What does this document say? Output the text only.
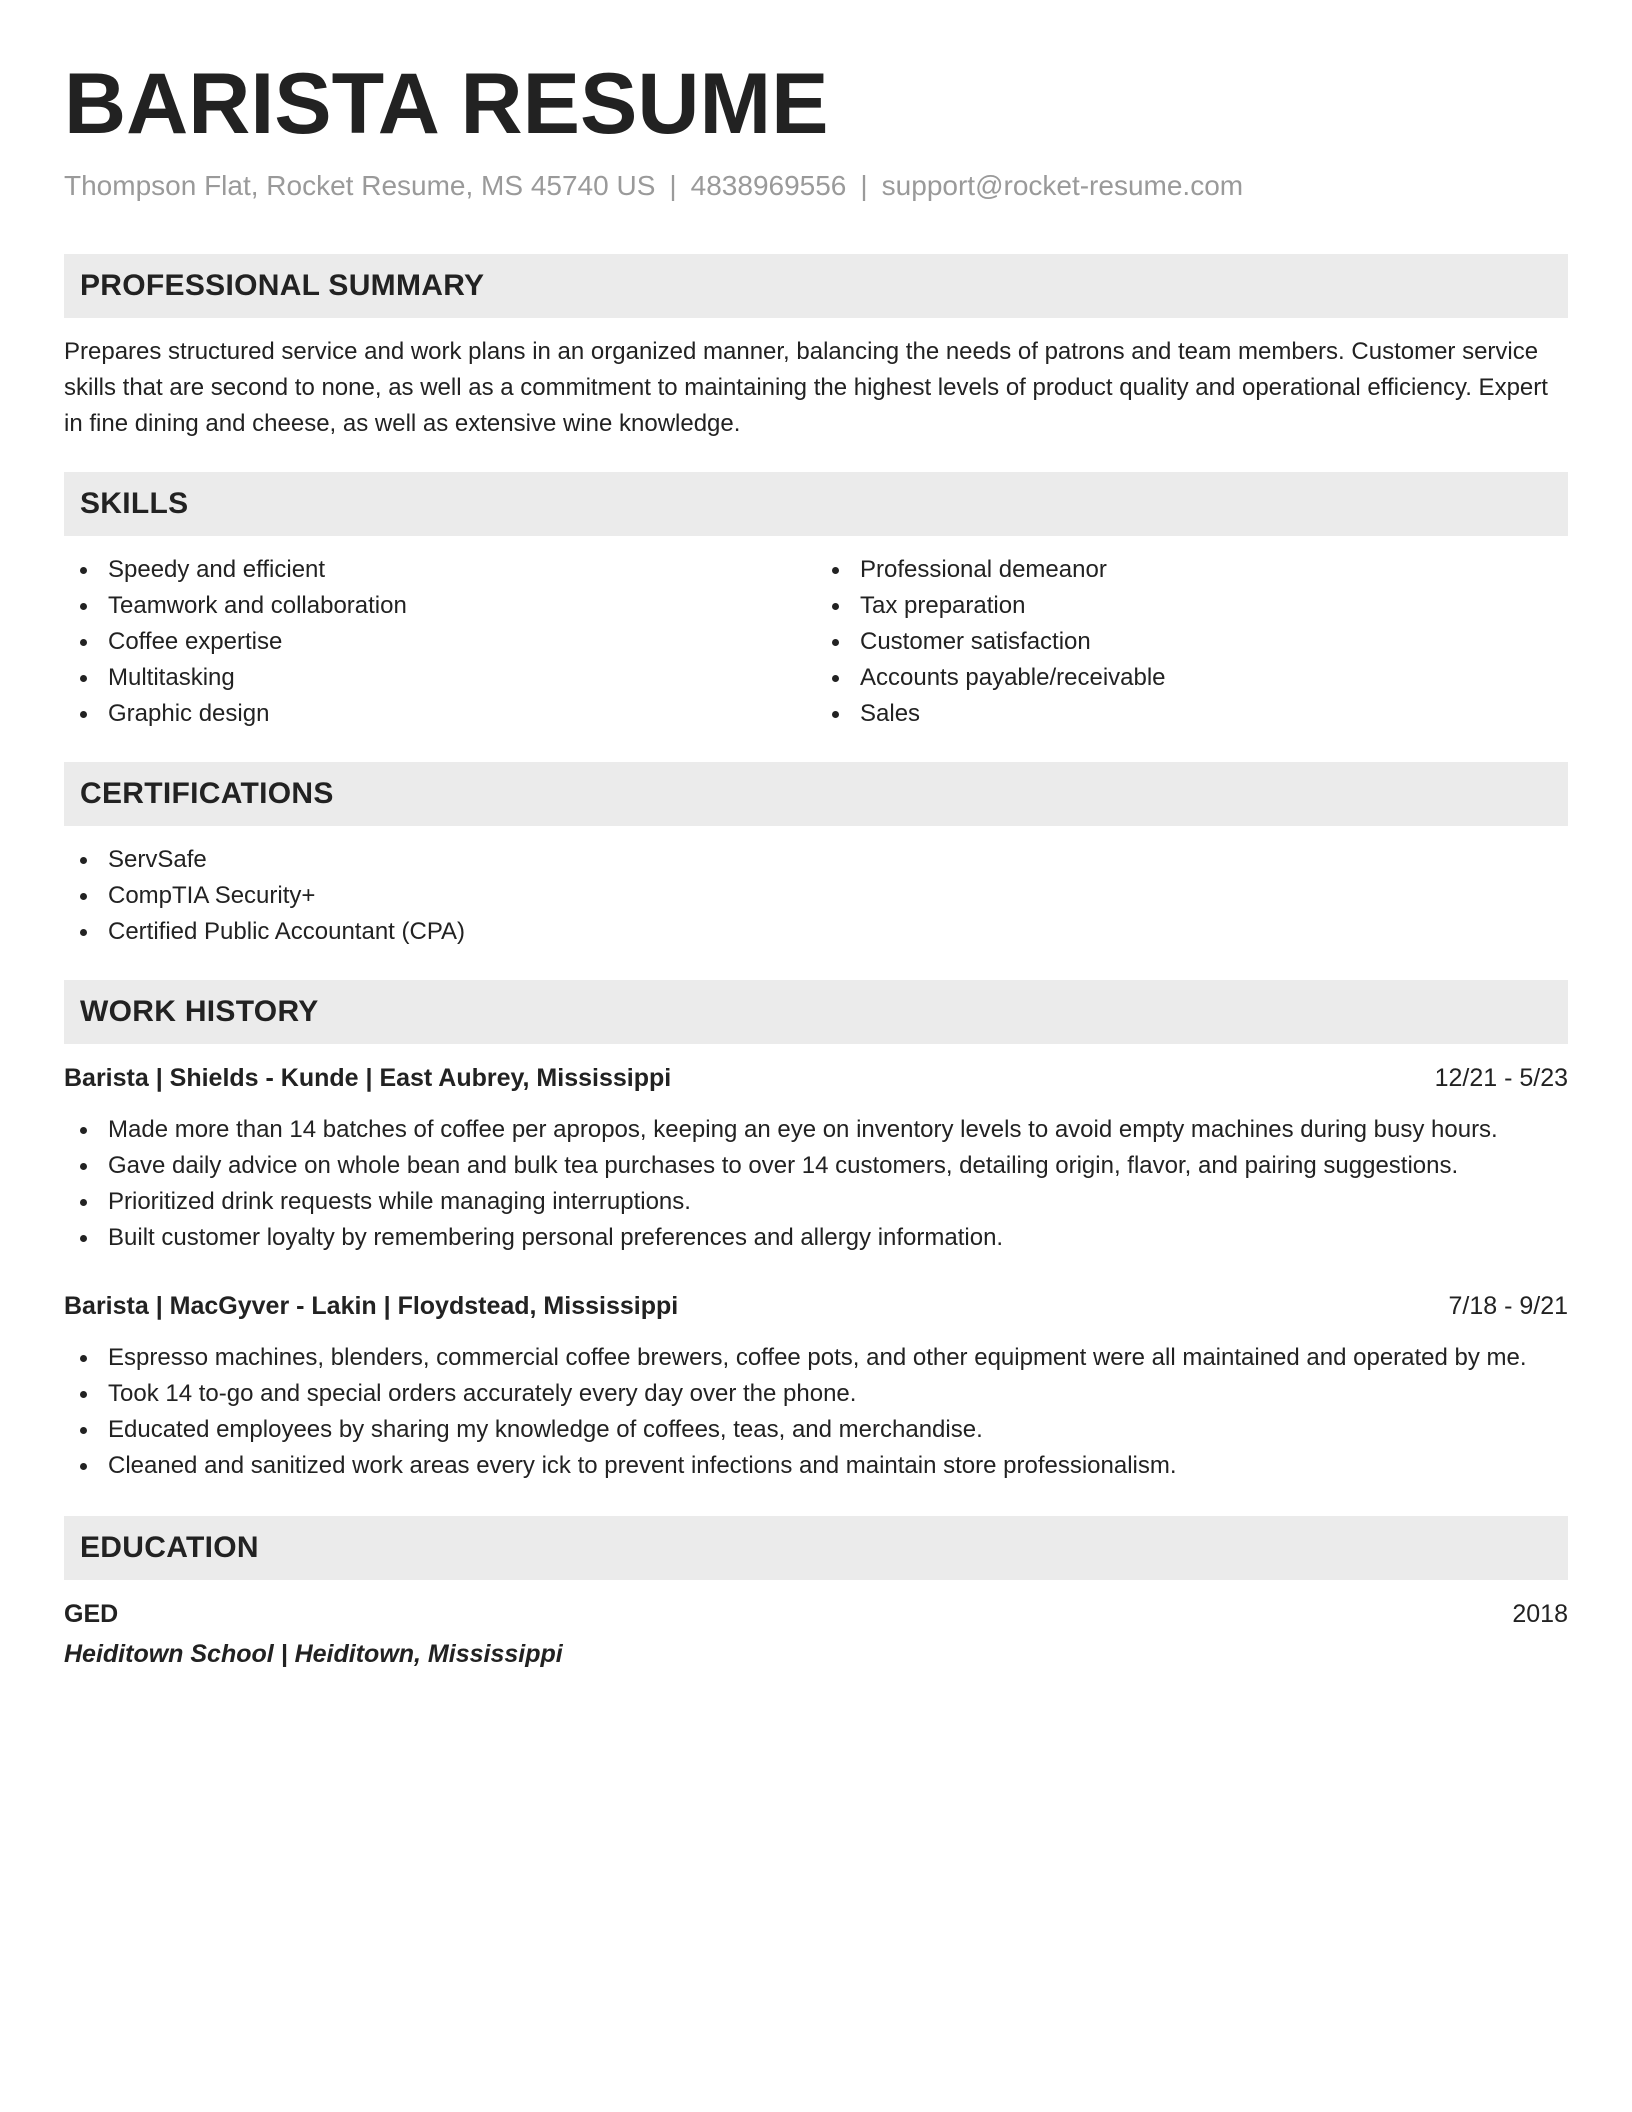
BARISTA RESUME
Thompson Flat, Rocket Resume, MS 45740 US | 4838969556 | support@rocket-resume.com
PROFESSIONAL SUMMARY

Prepares structured service and work plans in an organized manner, balancing the needs of patrons and team members. Customer service skills that are second to none, as well as a commitment to maintaining the highest levels of product quality and operational efficiency. Expert in fine dining and cheese, as well as extensive wine knowledge.

SKILLS
Speedy and efficient
Teamwork and collaboration
Coffee expertise
Multitasking
Graphic design
Professional demeanor
Tax preparation
Customer satisfaction
Accounts payable/receivable
Sales
CERTIFICATIONS
ServSafe
CompTIA Security+
Certified Public Accountant (CPA)
WORK HISTORY
Barista | Shields - Kunde | East Aubrey, Mississippi	12/21 - 5/23
Made more than 14 batches of coffee per apropos, keeping an eye on inventory levels to avoid empty machines during busy hours.
Gave daily advice on whole bean and bulk tea purchases to over 14 customers, detailing origin, flavor, and pairing suggestions.
Prioritized drink requests while managing interruptions.
Built customer loyalty by remembering personal preferences and allergy information.
Barista | MacGyver - Lakin | Floydstead, Mississippi	7/18 - 9/21
Espresso machines, blenders, commercial coffee brewers, coffee pots, and other equipment were all maintained and operated by me.
Took 14 to-go and special orders accurately every day over the phone.
Educated employees by sharing my knowledge of coffees, teas, and merchandise.
Cleaned and sanitized work areas every ick to prevent infections and maintain store professionalism.
EDUCATION
GED	2018
Heiditown School | Heiditown, Mississippi
